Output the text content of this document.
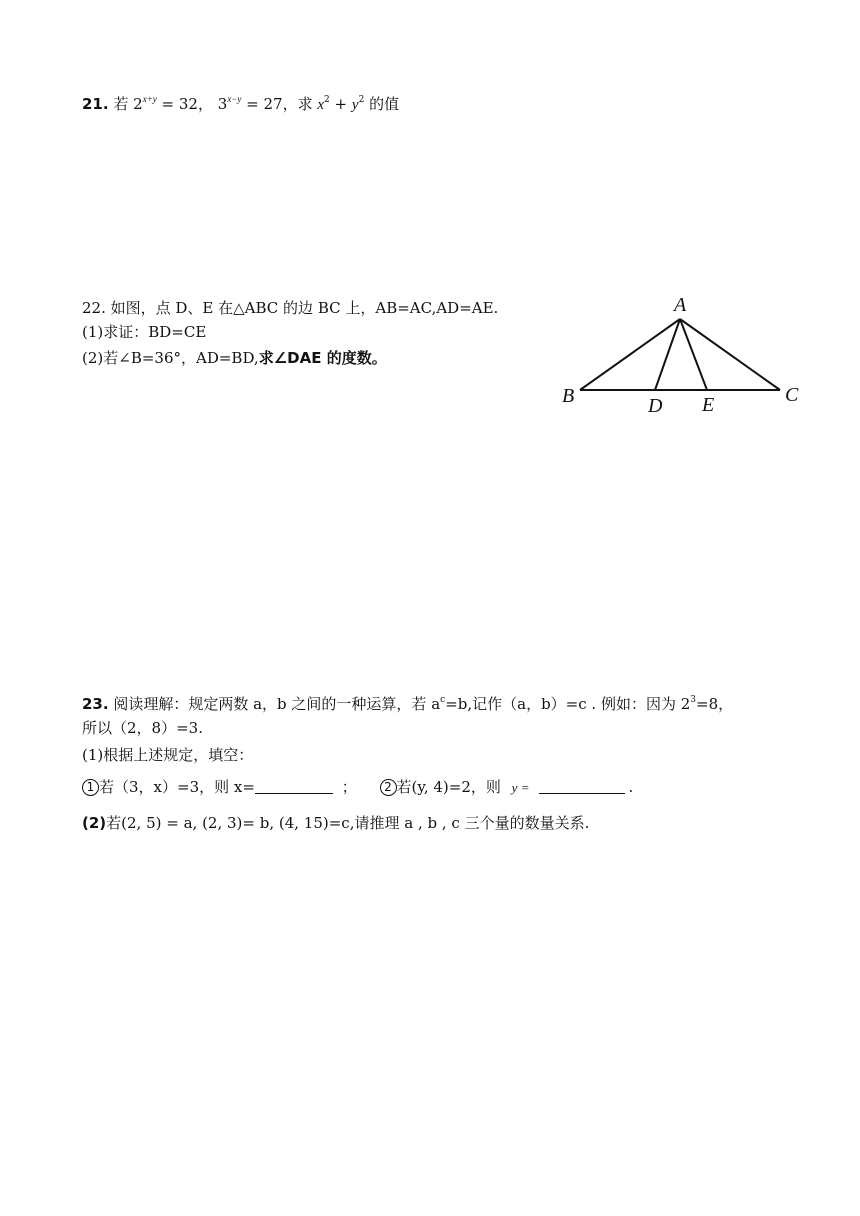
21. 若 $2^{x+y} = 32$， $3^{x-y} = 27$，求 $x^2 + y^2$ 的值
22. 如图，点 D、E 在△ABC 的边 BC 上，AB=AC,AD=AE.
(1)求证：BD=CE
(2)若∠B=36°，AD=BD,求∠DAE 的度数。
A
B	C
D E
23. 阅读理解：规定两数 a，b 之间的一种运算，若 $a^c=b$,记作（a，b）=c . 例如：因为 $2^3=8$，
所以（2，8）=3.
(1)根据上述规定，填空：
1 若（3，x）=3，则 x=	； 2 若(y, 4)=2，则 y =	.
(2)若(2, 5) = a, (2, 3)= b, (4, 15)=c,请推理 a , b , c 三个量的数量关系.
